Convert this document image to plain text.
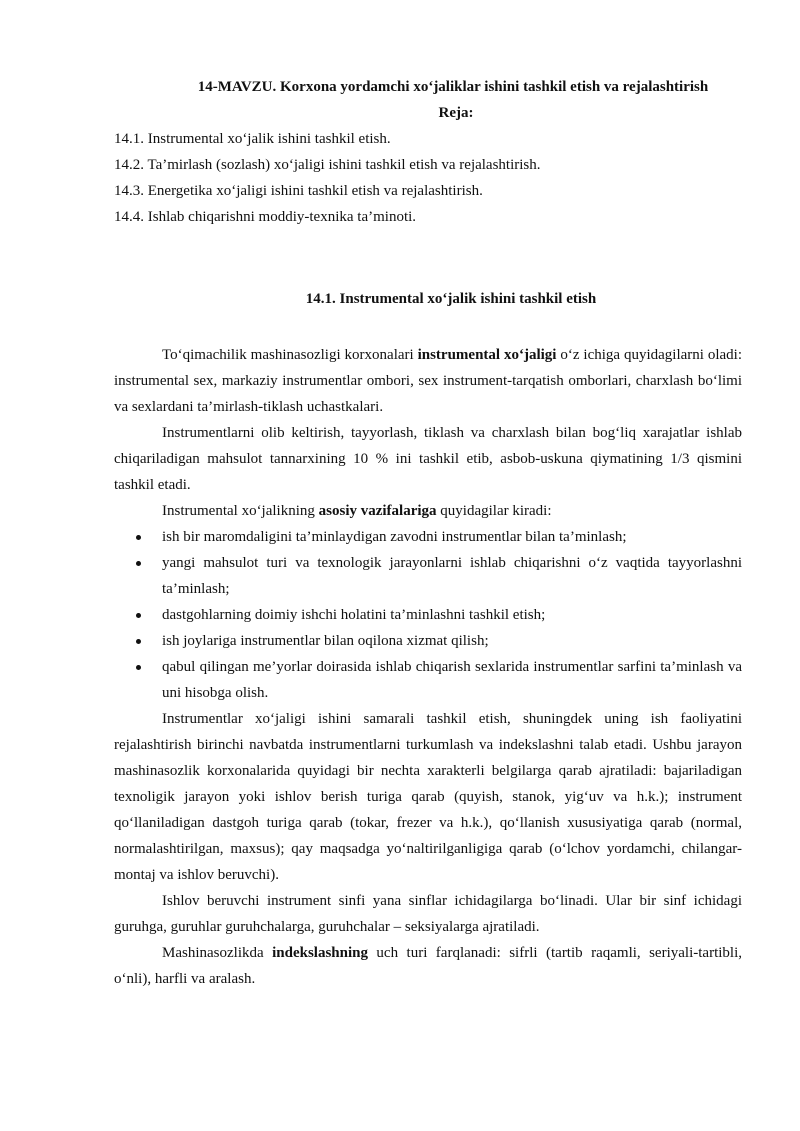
14-MAVZU. Korxona yordamchi xo‘jaliklar ishini tashkil etish va rejalashtirish

Reja:

14.1. Instrumental xo‘jalik ishini tashkil etish.
14.2. Ta’mirlash (sozlash) xo‘jaligi ishini tashkil etish va rejalashtirish.
14.3. Energetika xo‘jaligi ishini tashkil etish va rejalashtirish.
14.4. Ishlab chiqarishni moddiy-texnika ta’minoti.

14.1. Instrumental xo‘jalik ishini tashkil etish

To‘qimachilik mashinasozligi korxonalari instrumental xo‘jaligi o‘z ichiga quyidagilarni oladi: instrumental sex, markaziy instrumentlar ombori, sex instrument-tarqatish omborlari, charxlash bo‘limi va sexlardani ta’mirlash-tiklash uchastkalari.

Instrumentlarni olib keltirish, tayyorlash, tiklash va charxlash bilan bog‘liq xarajatlar ishlab chiqariladigan mahsulot tannarxining 10 % ini tashkil etib, asbob-uskuna qiymatining 1/3 qismini tashkil etadi.

Instrumental xo‘jalikning asosiy vazifalariga quyidagilar kiradi:

ish bir maromdaligini ta’minlaydigan zavodni instrumentlar bilan ta’minlash;
yangi mahsulot turi va texnologik jarayonlarni ishlab chiqarishni o‘z vaqtida tayyorlashni ta’minlash;
dastgohlarning doimiy ishchi holatini ta’minlashni tashkil etish;
ish joylariga instrumentlar bilan oqilona xizmat qilish;
qabul qilingan me’yorlar doirasida ishlab chiqarish sexlarida instrumentlar sarfini ta’minlash va uni hisobga olish.

Instrumentlar xo‘jaligi ishini samarali tashkil etish, shuningdek uning ish faoliyatini rejalashtirish birinchi navbatda instrumentlarni turkumlash va indekslashni talab etadi. Ushbu jarayon mashinasozlik korxonalarida quyidagi bir nechta xarakterli belgilarga qarab ajratiladi: bajariladigan texnoligik jarayon yoki ishlov berish turiga qarab (quyish, stanok, yig‘uv va h.k.); instrument qo‘llaniladigan dastgoh turiga qarab (tokar, frezer va h.k.), qo‘llanish xususiyatiga qarab (normal, normalashtirilgan, maxsus); qay maqsadga yo‘naltirilganligiga qarab (o‘lchov yordamchi, chilangar-montaj va ishlov beruvchi).

Ishlov beruvchi instrument sinfi yana sinflar ichidagilarga bo‘linadi. Ular bir sinf ichidagi guruhga, guruhlar guruhchalarga, guruhchalar – seksiyalarga ajratiladi.

Mashinasozlikda indekslashning uch turi farqlanadi: sifrli (tartib raqamli, seriyali-tartibli, o‘nli), harfli va aralash.
